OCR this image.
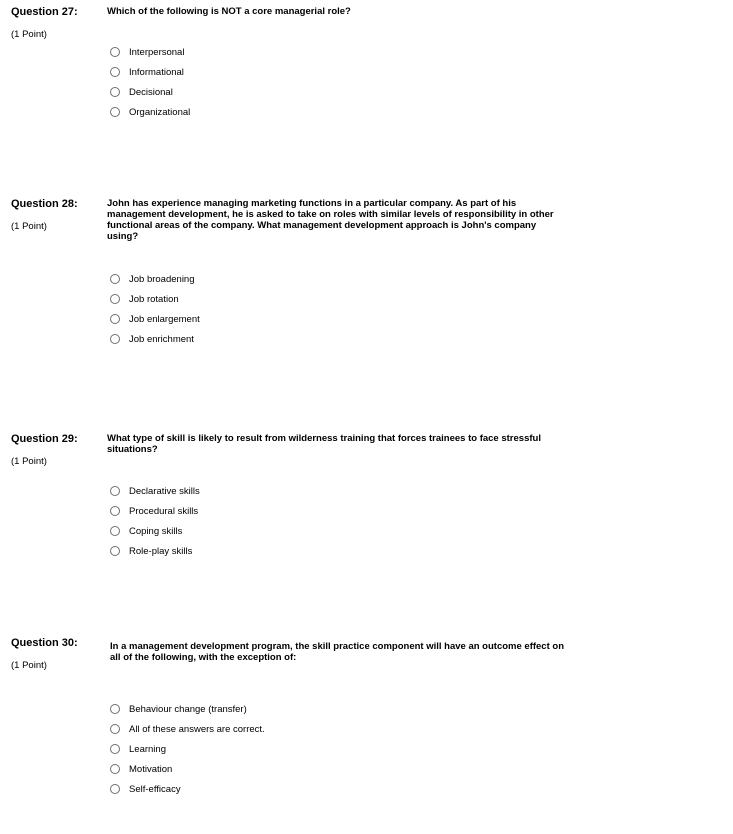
Question 27:
(1 Point)
Which of the following is NOT a core managerial role?
Interpersonal
Informational
Decisional
Organizational
Question 28:
(1 Point)
John has experience managing marketing functions in a particular company. As part of his management development, he is asked to take on roles with similar levels of responsibility in other functional areas of the company. What management development approach is John's company using?
Job broadening
Job rotation
Job enlargement
Job enrichment
Question 29:
(1 Point)
What type of skill is likely to result from wilderness training that forces trainees to face stressful situations?
Declarative skills
Procedural skills
Coping skills
Role-play skills
Question 30:
(1 Point)
In a management development program, the skill practice component will have an outcome effect on all of the following, with the exception of:
Behaviour change (transfer)
All of these answers are correct.
Learning
Motivation
Self-efficacy
